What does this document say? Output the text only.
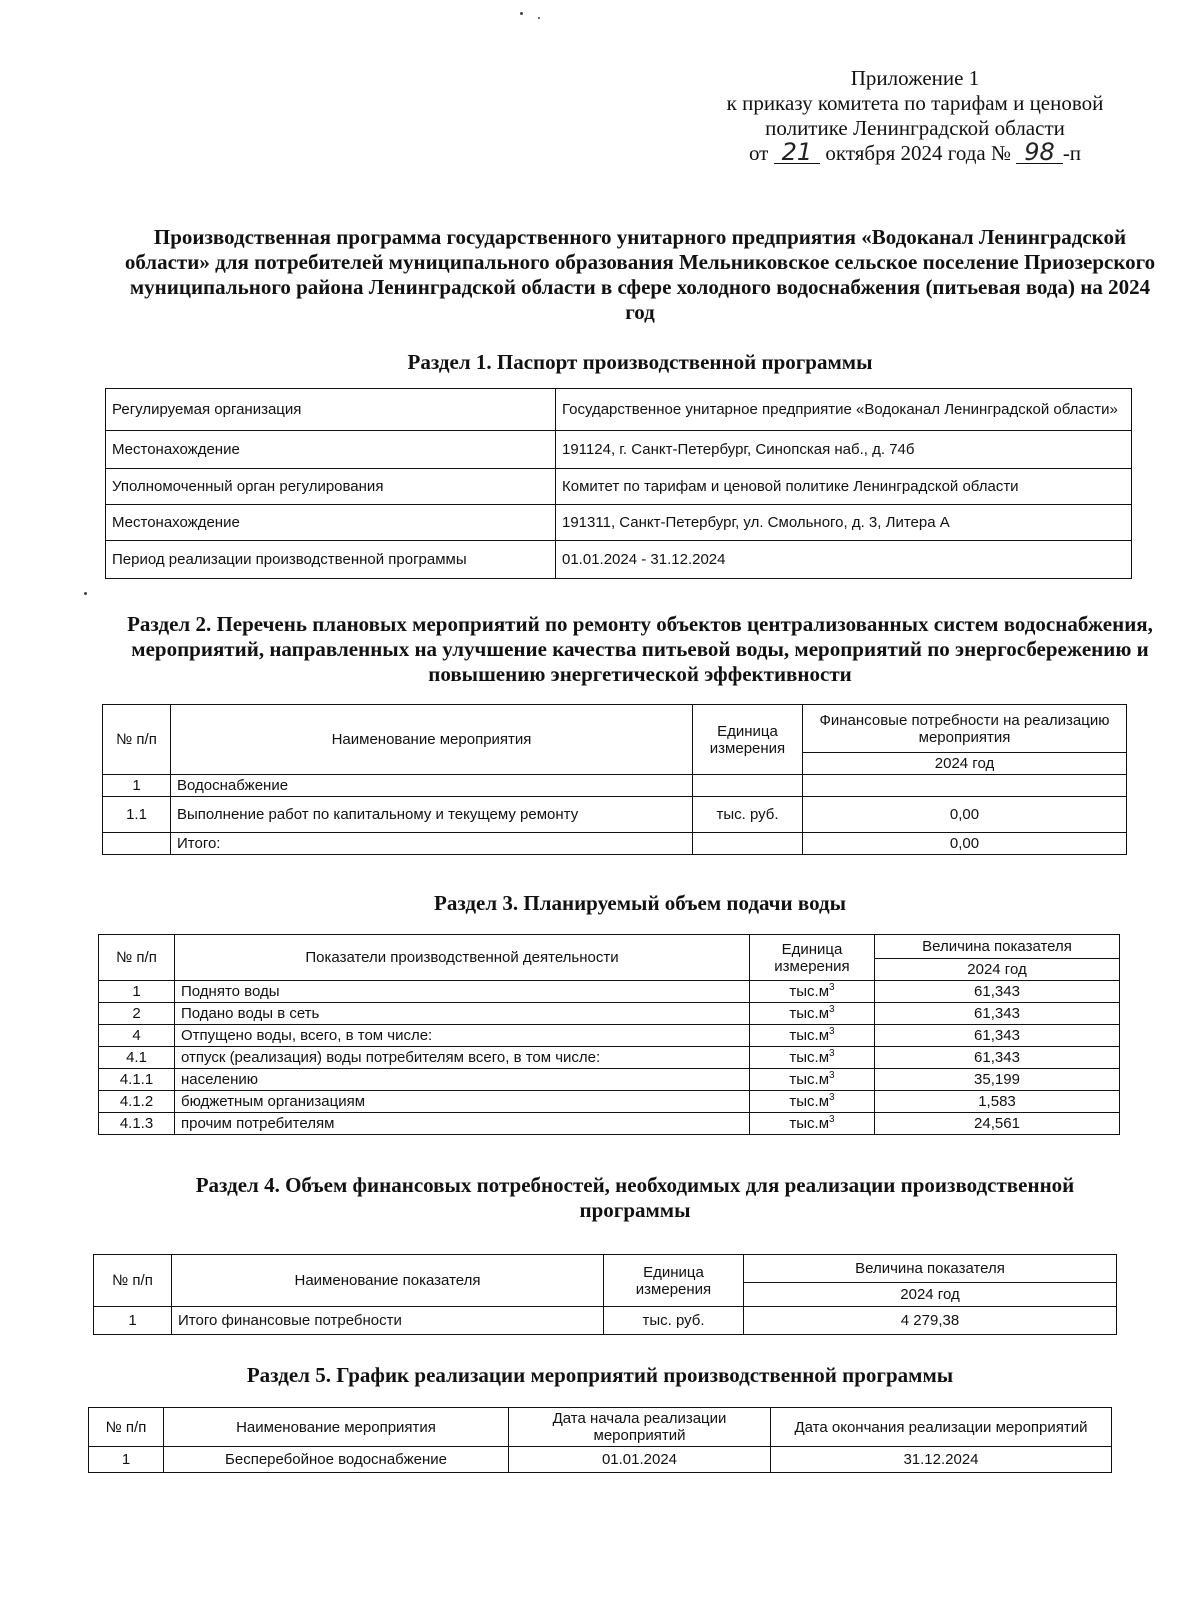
Приложение 1
к приказу комитета по тарифам и ценовой
политике Ленинградской области
от 21 октября 2024 года № 98 -п
Производственная программа государственного унитарного предприятия «Водоканал Ленинградской области» для потребителей муниципального образования Мельниковское сельское поселение Приозерского муниципального района Ленинградской области в сфере холодного водоснабжения (питьевая вода) на 2024 год
Раздел 1. Паспорт производственной программы
Регулируемая организация	Государственное унитарное предприятие «Водоканал Ленинградской области»
Местонахождение	191124, г. Санкт-Петербург, Синопская наб., д. 74б
Уполномоченный орган регулирования	Комитет по тарифам и ценовой политике Ленинградской области
Местонахождение	191311, Санкт-Петербург, ул. Смольного, д. 3, Литера А
Период реализации производственной программы	01.01.2024 - 31.12.2024
Раздел 2. Перечень плановых мероприятий по ремонту объектов централизованных систем водоснабжения, мероприятий, направленных на улучшение качества питьевой воды, мероприятий по энергосбережению и повышению энергетической эффективности
№ п/п	Наименование мероприятия	Единица измерения	Финансовые потребности на реализацию мероприятия
			2024 год
1	Водоснабжение		
1.1	Выполнение работ по капитальному и текущему ремонту	тыс. руб.	0,00
	Итого:		0,00
Раздел 3. Планируемый объем подачи воды
№ п/п	Показатели производственной деятельности	Единица измерения	Величина показателя
			2024 год
1	Поднято воды	$тыс.м^3$	61,343
2	Подано воды в сеть	$тыс.м^3$	61,343
4	Отпущено воды, всего, в том числе:	$тыс.м^3$	61,343
4.1	отпуск (реализация) воды потребителям всего, в том числе:	$тыс.м^3$	61,343
4.1.1	населению	$тыс.м^3$	35,199
4.1.2	бюджетным организациям	$тыс.м^3$	1,583
4.1.3	прочим потребителям	$тыс.м^3$	24,561
Раздел 4. Объем финансовых потребностей, необходимых для реализации производственной программы
№ п/п	Наименование показателя	Единица измерения	Величина показателя
			2024 год
1	Итого финансовые потребности	тыс. руб.	4 279,38
Раздел 5. График реализации мероприятий производственной программы
№ п/п	Наименование мероприятия	Дата начала реализации мероприятий	Дата окончания реализации мероприятий
1	Бесперебойное водоснабжение	01.01.2024	31.12.2024
